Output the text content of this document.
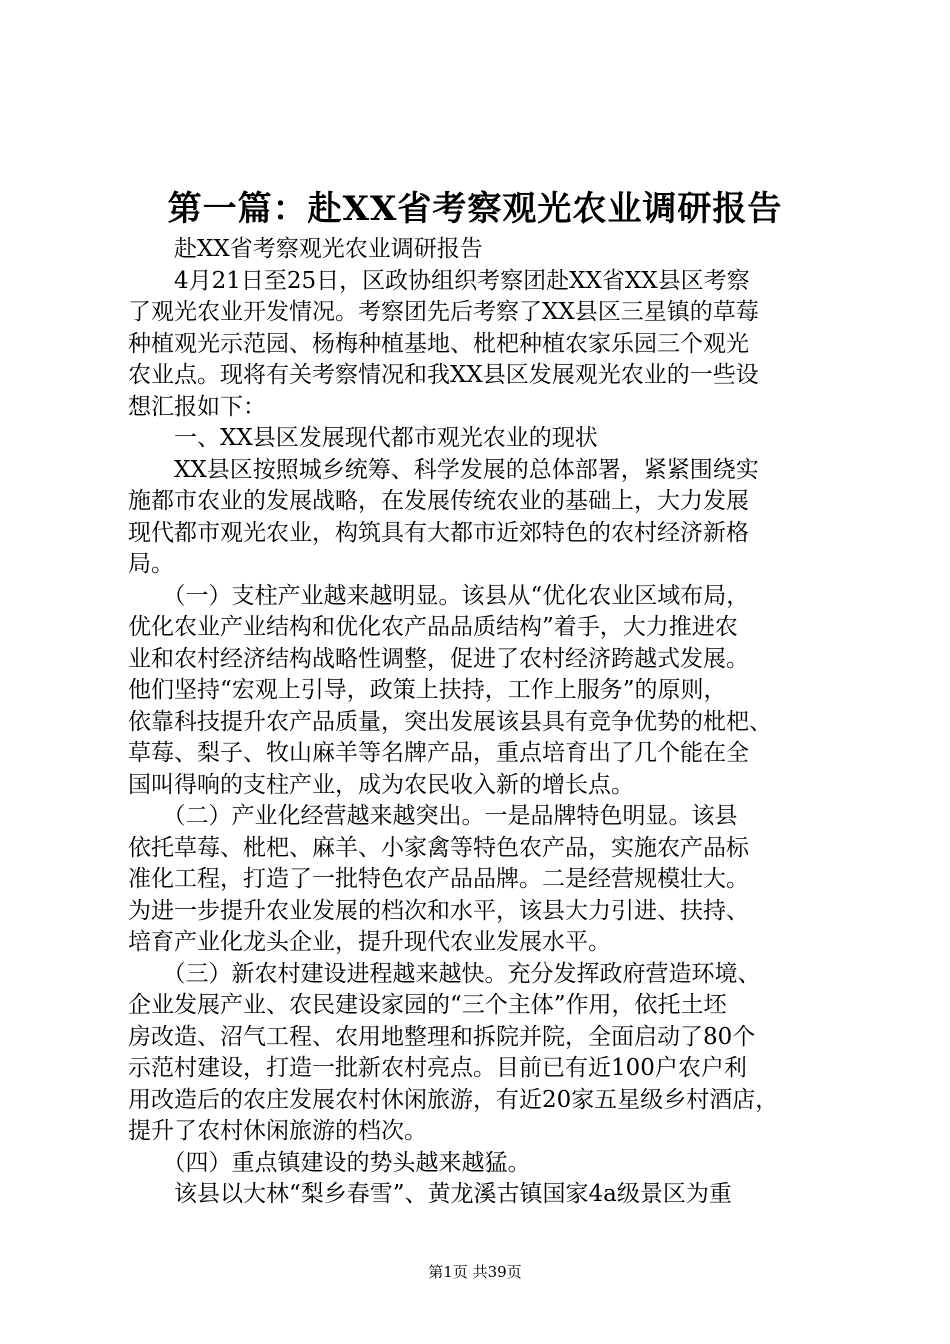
第一篇：赴XX省考察观光农业调研报告
　　赴XX省考察观光农业调研报告
　　4月21日至25日，区政协组织考察团赴XX省XX县区考察
了观光农业开发情况。考察团先后考察了XX县区三星镇的草莓
种植观光示范园、杨梅种植基地、枇杷种植农家乐园三个观光
农业点。现将有关考察情况和我XX县区发展观光农业的一些设
想汇报如下：
　　一、XX县区发展现代都市观光农业的现状
　　XX县区按照城乡统筹、科学发展的总体部署，紧紧围绕实
施都市农业的发展战略，在发展传统农业的基础上，大力发展
现代都市观光农业，构筑具有大都市近郊特色的农村经济新格
局。
　　（一）支柱产业越来越明显。该县从“优化农业区域布局，
优化农业产业结构和优化农产品品质结构”着手，大力推进农
业和农村经济结构战略性调整，促进了农村经济跨越式发展。
他们坚持“宏观上引导，政策上扶持，工作上服务”的原则，
依靠科技提升农产品质量，突出发展该县具有竞争优势的枇杷、
草莓、梨子、牧山麻羊等名牌产品，重点培育出了几个能在全
国叫得响的支柱产业，成为农民收入新的增长点。
　　（二）产业化经营越来越突出。一是品牌特色明显。该县
依托草莓、枇杷、麻羊、小家禽等特色农产品，实施农产品标
准化工程，打造了一批特色农产品品牌。二是经营规模壮大。
为进一步提升农业发展的档次和水平，该县大力引进、扶持、
培育产业化龙头企业，提升现代农业发展水平。
　　（三）新农村建设进程越来越快。充分发挥政府营造环境、
企业发展产业、农民建设家园的“三个主体”作用，依托土坯
房改造、沼气工程、农用地整理和拆院并院，全面启动了80个
示范村建设，打造一批新农村亮点。目前已有近100户农户利
用改造后的农庄发展农村休闲旅游，有近20家五星级乡村酒店，
提升了农村休闲旅游的档次。
　　（四）重点镇建设的势头越来越猛。
　　该县以大林“梨乡春雪”、黄龙溪古镇国家4a级景区为重
第1页 共39页
